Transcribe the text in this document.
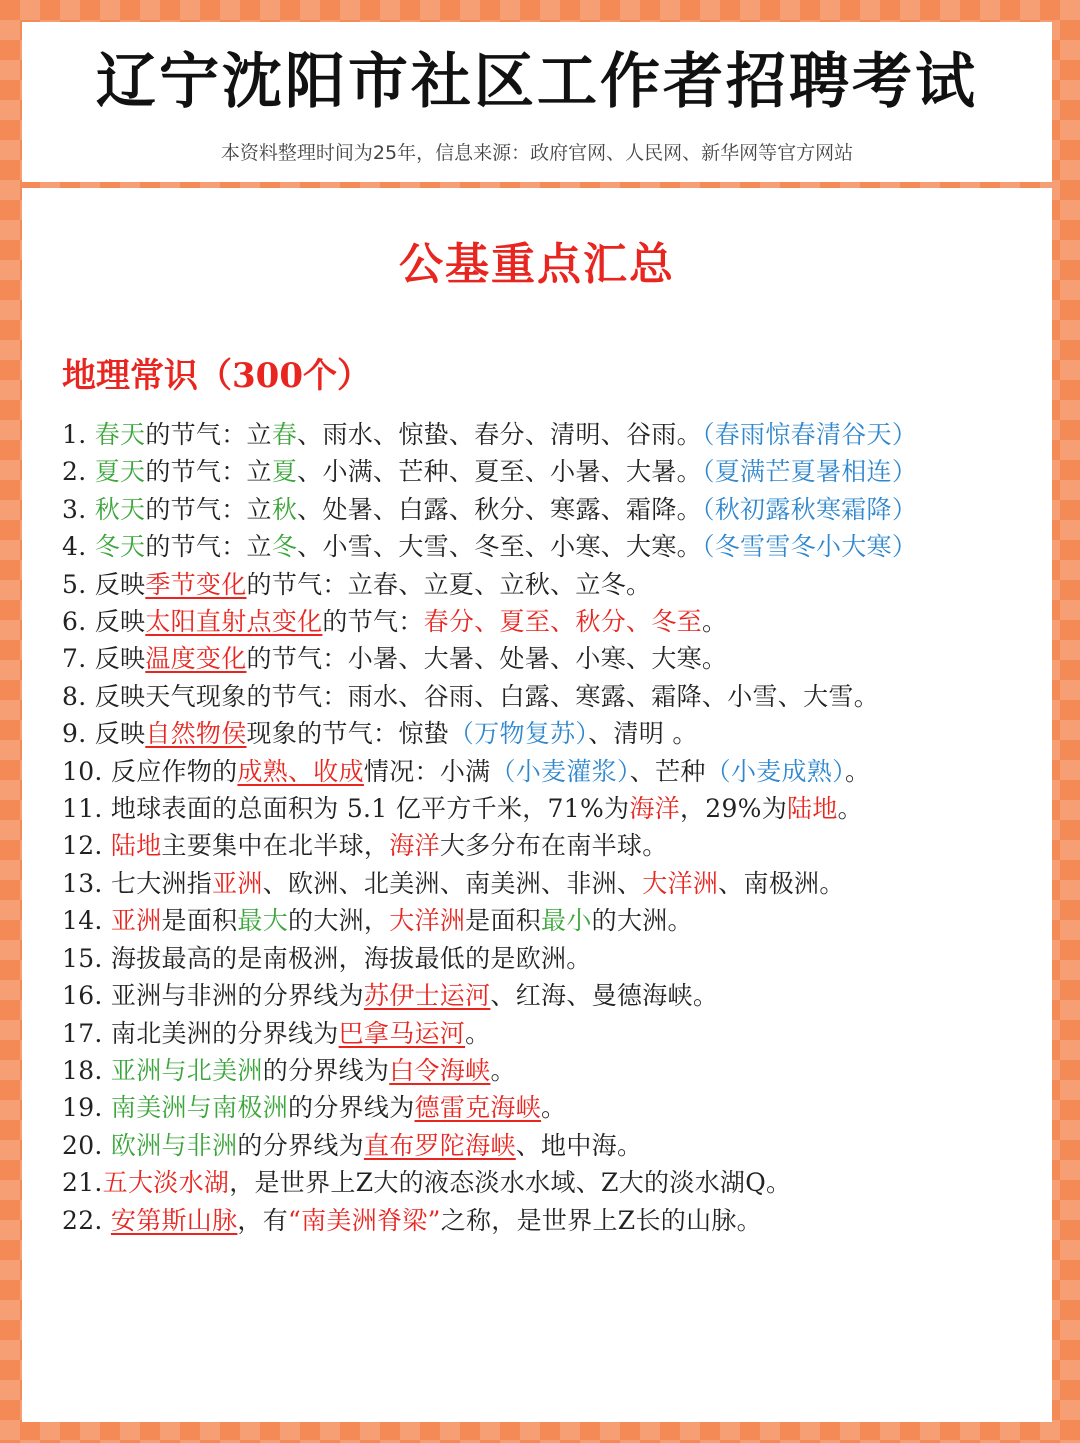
辽宁沈阳市社区工作者招聘考试
本资料整理时间为25年，信息来源：政府官网、人民网、新华网等官方网站
公基重点汇总
地理常识（300个）
1. 春天的节气：立春、雨水、惊蛰、春分、清明、谷雨。（春雨惊春清谷天）
2. 夏天的节气：立夏、小满、芒种、夏至、小暑、大暑。（夏满芒夏暑相连）
3. 秋天的节气：立秋、处暑、白露、秋分、寒露、霜降。（秋初露秋寒霜降）
4. 冬天的节气：立冬、小雪、大雪、冬至、小寒、大寒。（冬雪雪冬小大寒）
5. 反映季节变化的节气：立春、立夏、立秋、立冬。
6. 反映太阳直射点变化的节气：春分、夏至、秋分、冬至。
7. 反映温度变化的节气：小暑、大暑、处暑、小寒、大寒。
8. 反映天气现象的节气：雨水、谷雨、白露、寒露、霜降、小雪、大雪。
9. 反映自然物侯现象的节气：惊蛰（万物复苏）、清明 。
10. 反应作物的成熟、收成情况：小满（小麦灌浆）、芒种（小麦成熟）。
11. 地球表面的总面积为 5.1 亿平方千米，71%为海洋，29%为陆地。
12. 陆地主要集中在北半球，海洋大多分布在南半球。
13. 七大洲指亚洲、欧洲、北美洲、南美洲、非洲、大洋洲、南极洲。
14. 亚洲是面积最大的大洲，大洋洲是面积最小的大洲。
15. 海拔最高的是南极洲，海拔最低的是欧洲。
16. 亚洲与非洲的分界线为苏伊士运河、红海、曼德海峡。
17. 南北美洲的分界线为巴拿马运河。
18. 亚洲与北美洲的分界线为白令海峡。
19. 南美洲与南极洲的分界线为德雷克海峡。
20. 欧洲与非洲的分界线为直布罗陀海峡、地中海。
21.五大淡水湖，是世界上Z大的液态淡水水域、Z大的淡水湖Q。
22. 安第斯山脉，有“南美洲脊梁”之称，是世界上Z长的山脉。
